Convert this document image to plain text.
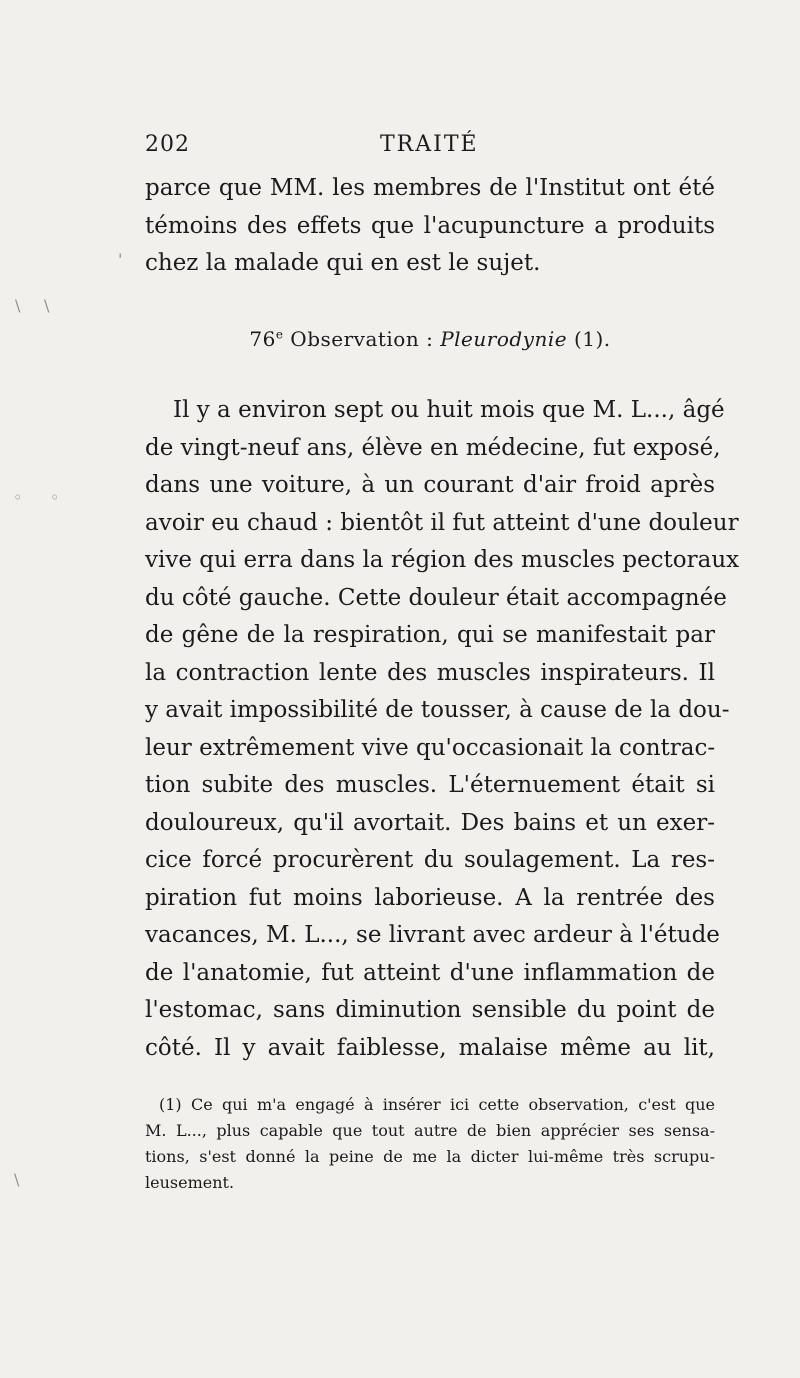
\ \
◦ ◦
\
'
202	TRAITÉ
parce que MM. les membres de l'Institut ont été
témoins des effets que l'acupuncture a produits
chez la malade qui en est le sujet.
76e Observation : Pleurodynie (1).
Il y a environ sept ou huit mois que M. L..., âgé
de vingt-neuf ans, élève en médecine, fut exposé,
dans une voiture, à un courant d'air froid après
avoir eu chaud : bientôt il fut atteint d'une douleur
vive qui erra dans la région des muscles pectoraux
du côté gauche. Cette douleur était accompagnée
de gêne de la respiration, qui se manifestait par
la contraction lente des muscles inspirateurs. Il
y avait impossibilité de tousser, à cause de la dou-
leur extrêmement vive qu'occasionait la contrac-
tion subite des muscles. L'éternuement était si
douloureux, qu'il avortait. Des bains et un exer-
cice forcé procurèrent du soulagement. La res-
piration fut moins laborieuse. A la rentrée des
vacances, M. L..., se livrant avec ardeur à l'étude
de l'anatomie, fut atteint d'une inflammation de
l'estomac, sans diminution sensible du point de
côté. Il y avait faiblesse, malaise même au lit,
(1) Ce qui m'a engagé à insérer ici cette observation, c'est que
M. L..., plus capable que tout autre de bien apprécier ses sensa-
tions, s'est donné la peine de me la dicter lui-même très scrupu-
leusement.
